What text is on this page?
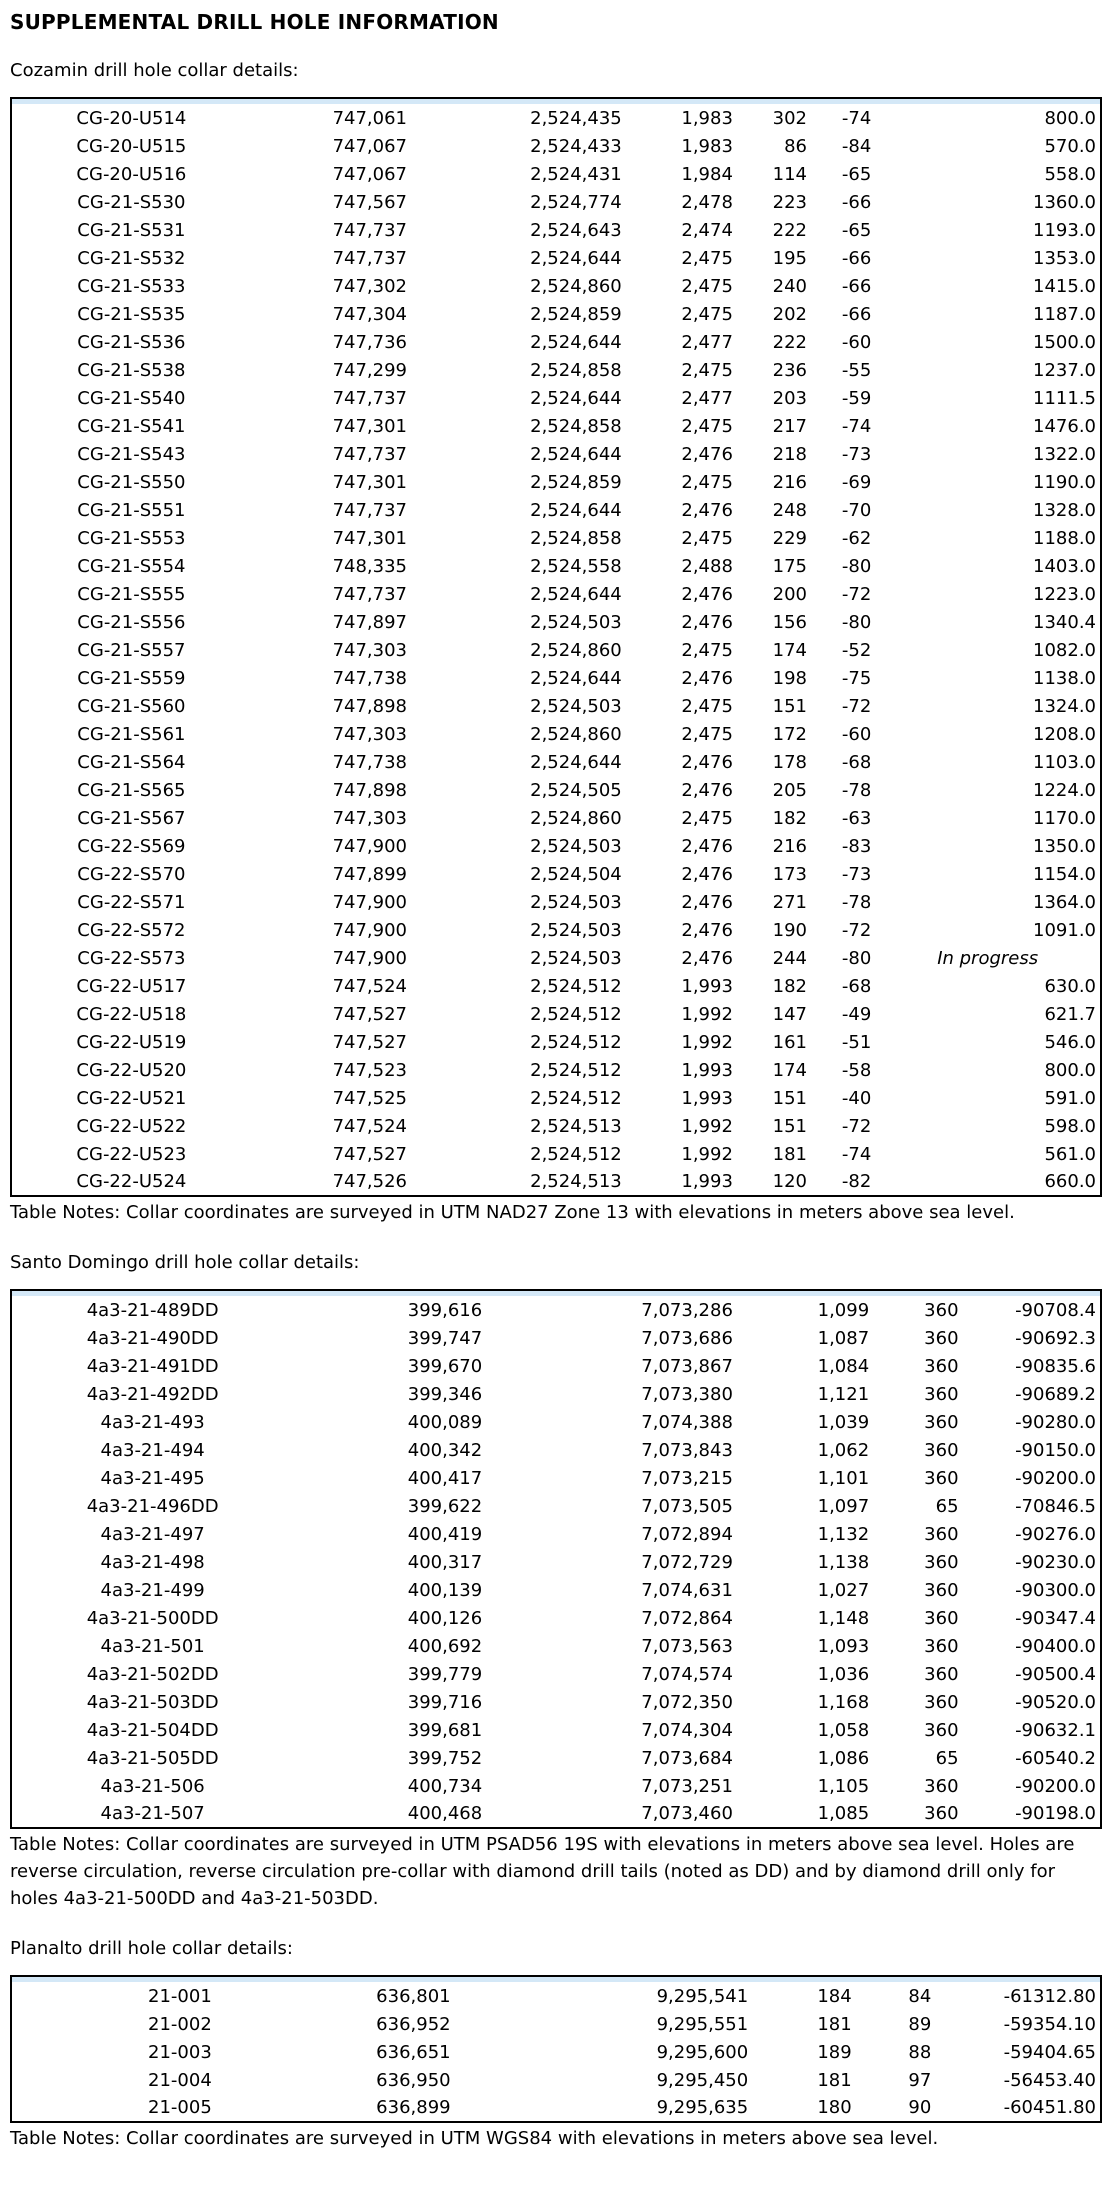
SUPPLEMENTAL DRILL HOLE INFORMATION

Cozamin drill hole collar details:

CG-20-U514	747,061	2,524,435	1,983	302	-74	800.0
CG-20-U515	747,067	2,524,433	1,983	86	-84	570.0
CG-20-U516	747,067	2,524,431	1,984	114	-65	558.0
CG-21-S530	747,567	2,524,774	2,478	223	-66	1360.0
CG-21-S531	747,737	2,524,643	2,474	222	-65	1193.0
CG-21-S532	747,737	2,524,644	2,475	195	-66	1353.0
CG-21-S533	747,302	2,524,860	2,475	240	-66	1415.0
CG-21-S535	747,304	2,524,859	2,475	202	-66	1187.0
CG-21-S536	747,736	2,524,644	2,477	222	-60	1500.0
CG-21-S538	747,299	2,524,858	2,475	236	-55	1237.0
CG-21-S540	747,737	2,524,644	2,477	203	-59	1111.5
CG-21-S541	747,301	2,524,858	2,475	217	-74	1476.0
CG-21-S543	747,737	2,524,644	2,476	218	-73	1322.0
CG-21-S550	747,301	2,524,859	2,475	216	-69	1190.0
CG-21-S551	747,737	2,524,644	2,476	248	-70	1328.0
CG-21-S553	747,301	2,524,858	2,475	229	-62	1188.0
CG-21-S554	748,335	2,524,558	2,488	175	-80	1403.0
CG-21-S555	747,737	2,524,644	2,476	200	-72	1223.0
CG-21-S556	747,897	2,524,503	2,476	156	-80	1340.4
CG-21-S557	747,303	2,524,860	2,475	174	-52	1082.0
CG-21-S559	747,738	2,524,644	2,476	198	-75	1138.0
CG-21-S560	747,898	2,524,503	2,475	151	-72	1324.0
CG-21-S561	747,303	2,524,860	2,475	172	-60	1208.0
CG-21-S564	747,738	2,524,644	2,476	178	-68	1103.0
CG-21-S565	747,898	2,524,505	2,476	205	-78	1224.0
CG-21-S567	747,303	2,524,860	2,475	182	-63	1170.0
CG-22-S569	747,900	2,524,503	2,476	216	-83	1350.0
CG-22-S570	747,899	2,524,504	2,476	173	-73	1154.0
CG-22-S571	747,900	2,524,503	2,476	271	-78	1364.0
CG-22-S572	747,900	2,524,503	2,476	190	-72	1091.0
CG-22-S573	747,900	2,524,503	2,476	244	-80	In progress
CG-22-U517	747,524	2,524,512	1,993	182	-68	630.0
CG-22-U518	747,527	2,524,512	1,992	147	-49	621.7
CG-22-U519	747,527	2,524,512	1,992	161	-51	546.0
CG-22-U520	747,523	2,524,512	1,993	174	-58	800.0
CG-22-U521	747,525	2,524,512	1,993	151	-40	591.0
CG-22-U522	747,524	2,524,513	1,992	151	-72	598.0
CG-22-U523	747,527	2,524,512	1,992	181	-74	561.0
CG-22-U524	747,526	2,524,513	1,993	120	-82	660.0

Table Notes: Collar coordinates are surveyed in UTM NAD27 Zone 13 with elevations in meters above sea level.

Santo Domingo drill hole collar details:

4a3-21-489DD	399,616	7,073,286	1,099	360	-90708.4
4a3-21-490DD	399,747	7,073,686	1,087	360	-90692.3
4a3-21-491DD	399,670	7,073,867	1,084	360	-90835.6
4a3-21-492DD	399,346	7,073,380	1,121	360	-90689.2
4a3-21-493	400,089	7,074,388	1,039	360	-90280.0
4a3-21-494	400,342	7,073,843	1,062	360	-90150.0
4a3-21-495	400,417	7,073,215	1,101	360	-90200.0
4a3-21-496DD	399,622	7,073,505	1,097	65	-70846.5
4a3-21-497	400,419	7,072,894	1,132	360	-90276.0
4a3-21-498	400,317	7,072,729	1,138	360	-90230.0
4a3-21-499	400,139	7,074,631	1,027	360	-90300.0
4a3-21-500DD	400,126	7,072,864	1,148	360	-90347.4
4a3-21-501	400,692	7,073,563	1,093	360	-90400.0
4a3-21-502DD	399,779	7,074,574	1,036	360	-90500.4
4a3-21-503DD	399,716	7,072,350	1,168	360	-90520.0
4a3-21-504DD	399,681	7,074,304	1,058	360	-90632.1
4a3-21-505DD	399,752	7,073,684	1,086	65	-60540.2
4a3-21-506	400,734	7,073,251	1,105	360	-90200.0
4a3-21-507	400,468	7,073,460	1,085	360	-90198.0

Table Notes: Collar coordinates are surveyed in UTM PSAD56 19S with elevations in meters above sea level. Holes are reverse circulation, reverse circulation pre-collar with diamond drill tails (noted as DD) and by diamond drill only for holes 4a3-21-500DD and 4a3-21-503DD.

Planalto drill hole collar details:

21-001	636,801	9,295,541	184	84	-61312.80
21-002	636,952	9,295,551	181	89	-59354.10
21-003	636,651	9,295,600	189	88	-59404.65
21-004	636,950	9,295,450	181	97	-56453.40
21-005	636,899	9,295,635	180	90	-60451.80

Table Notes: Collar coordinates are surveyed in UTM WGS84 with elevations in meters above sea level.
